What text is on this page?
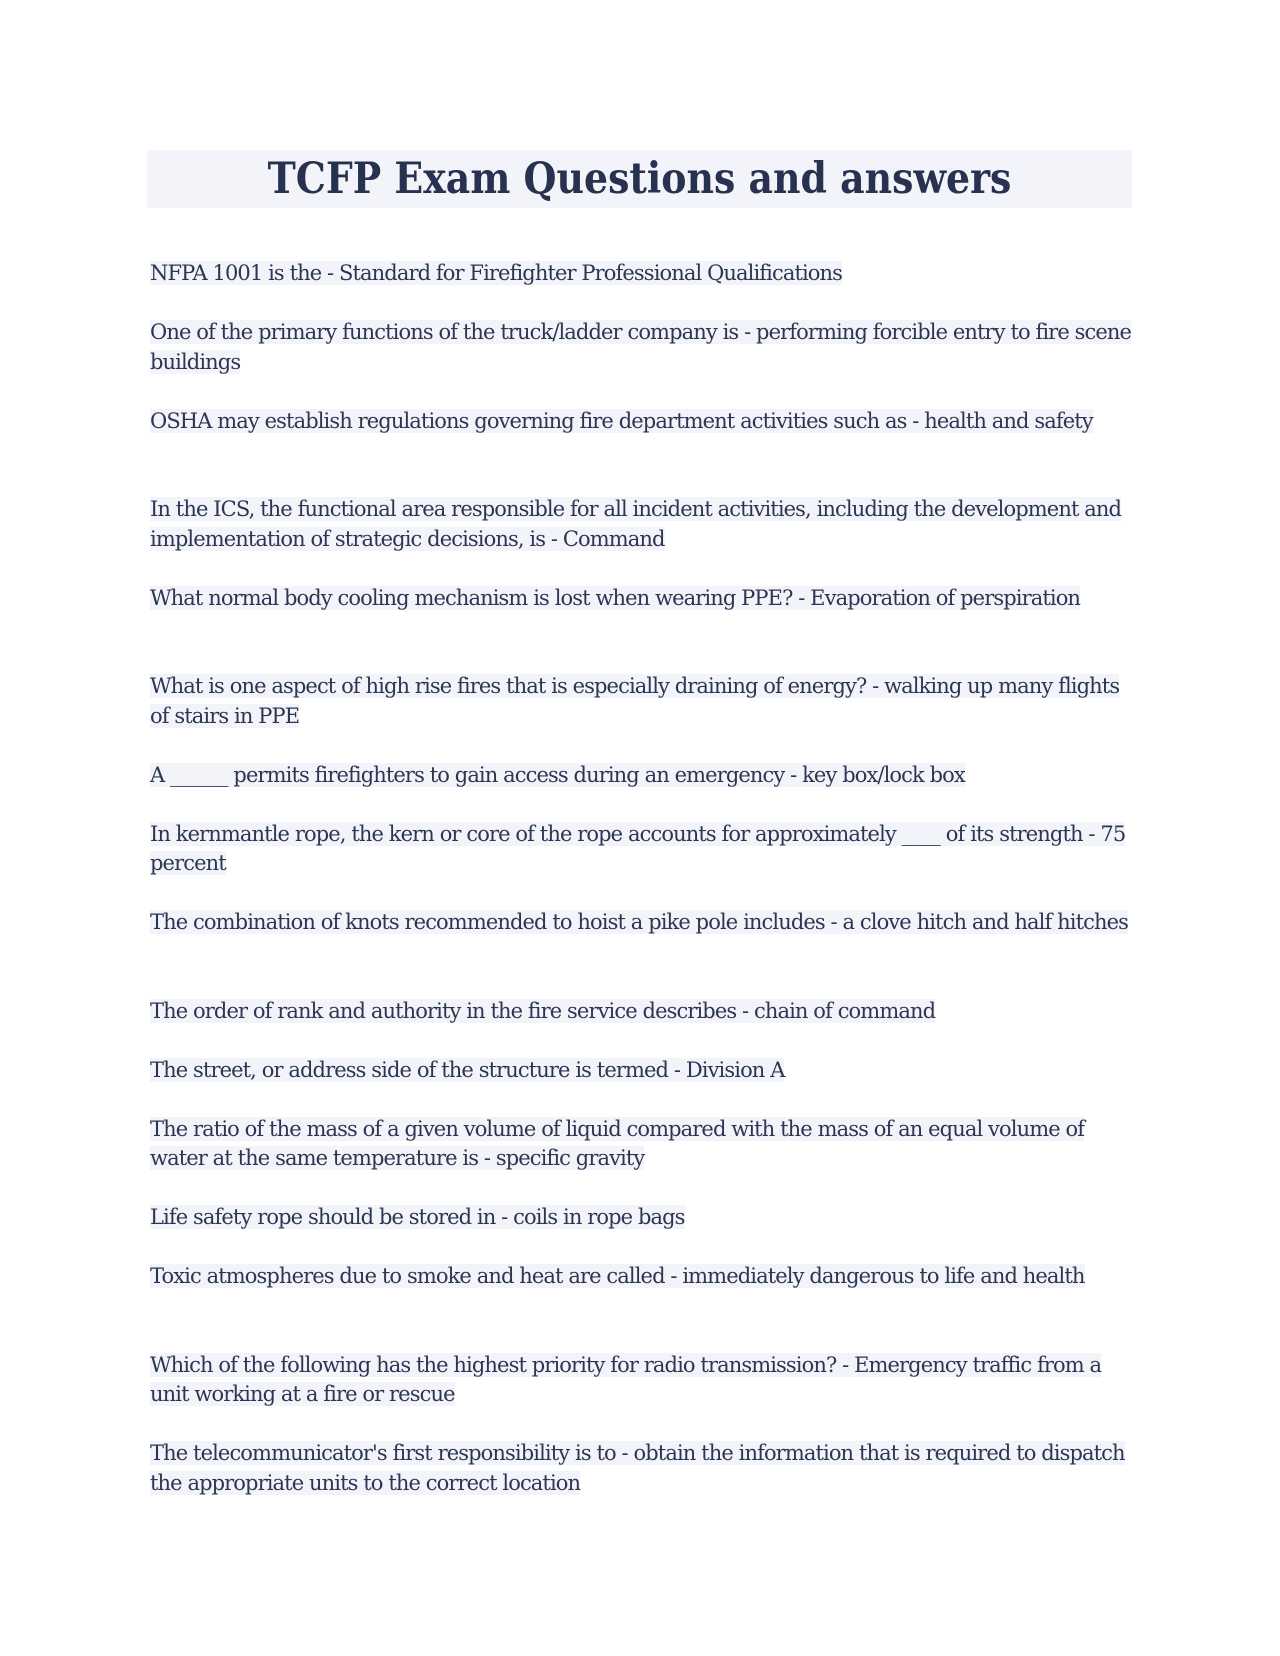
TCFP Exam Questions and answers

NFPA 1001 is the - Standard for Firefighter Professional Qualifications

One of the primary functions of the truck/ladder company is - performing forcible entry to fire scene buildings

OSHA may establish regulations governing fire department activities such as - health and safety

In the ICS, the functional area responsible for all incident activities, including the development and implementation of strategic decisions, is - Command

What normal body cooling mechanism is lost when wearing PPE? - Evaporation of perspiration

What is one aspect of high rise fires that is especially draining of energy? - walking up many flights of stairs in PPE

A ______ permits firefighters to gain access during an emergency - key box/lock box

In kernmantle rope, the kern or core of the rope accounts for approximately ____ of its strength - 75 percent

The combination of knots recommended to hoist a pike pole includes - a clove hitch and half hitches

The order of rank and authority in the fire service describes - chain of command

The street, or address side of the structure is termed - Division A

The ratio of the mass of a given volume of liquid compared with the mass of an equal volume of water at the same temperature is - specific gravity

Life safety rope should be stored in - coils in rope bags

Toxic atmospheres due to smoke and heat are called - immediately dangerous to life and health

Which of the following has the highest priority for radio transmission? - Emergency traffic from a unit working at a fire or rescue

The telecommunicator's first responsibility is to - obtain the information that is required to dispatch the appropriate units to the correct location
